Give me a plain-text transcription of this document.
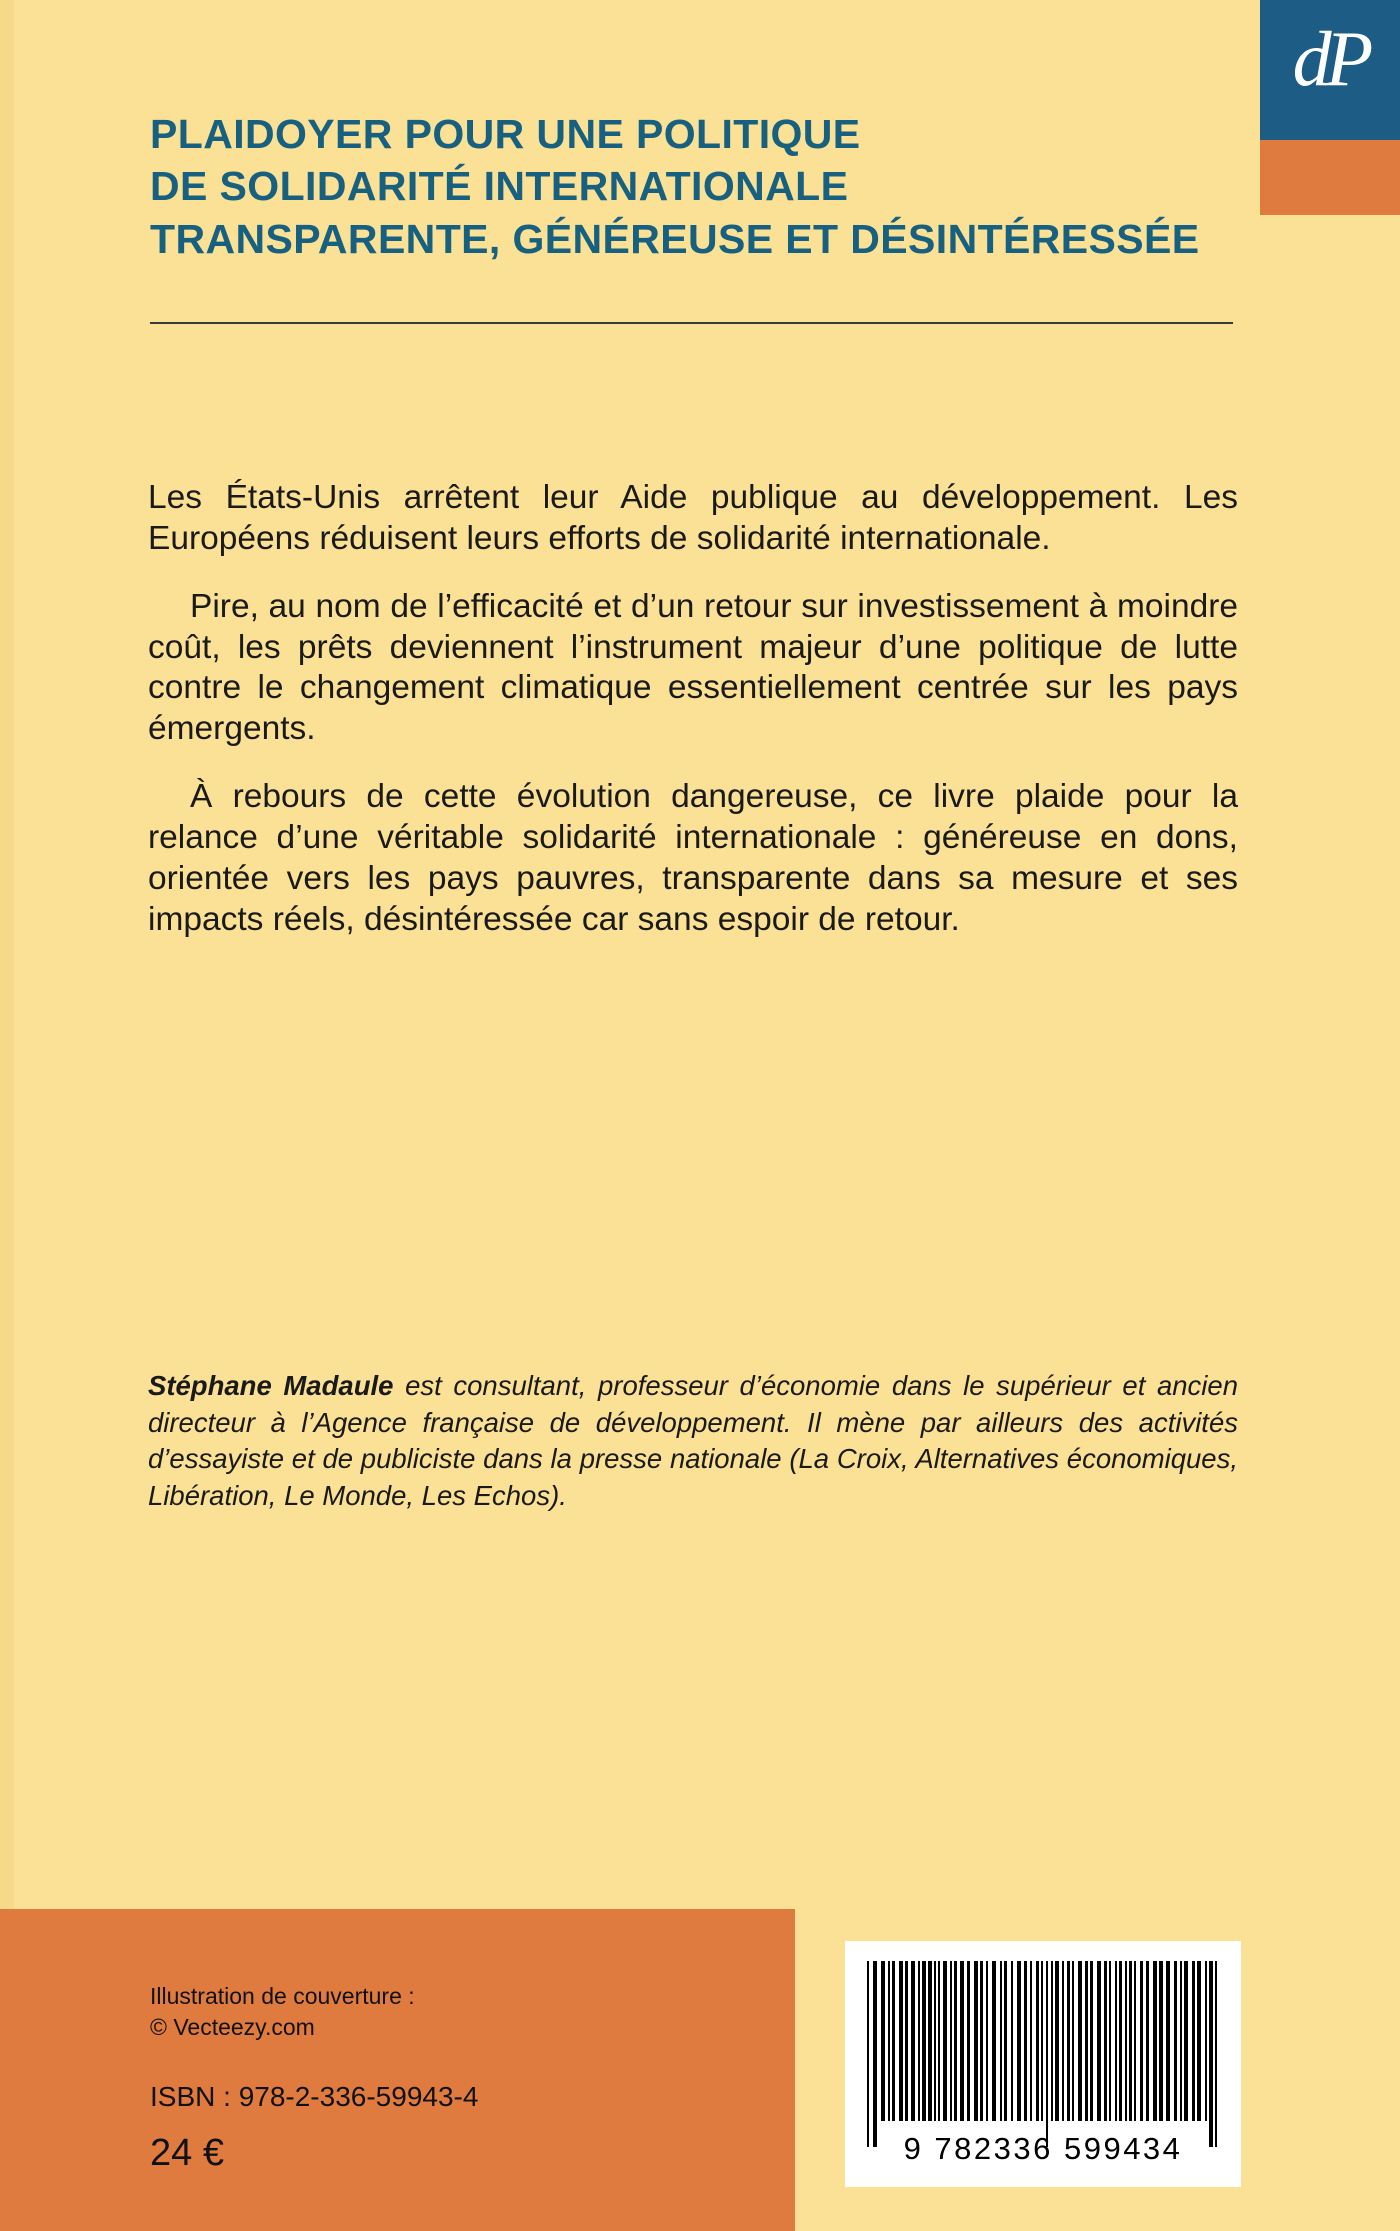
dP
PLAIDOYER POUR UNE POLITIQUE
DE SOLIDARITÉ INTERNATIONALE
TRANSPARENTE, GÉNÉREUSE ET DÉSINTÉRESSÉE

Les États-Unis arrêtent leur Aide publique au développement. Les Européens réduisent leurs efforts de solidarité internationale.

Pire, au nom de l’efficacité et d’un retour sur investissement à moindre coût, les prêts deviennent l’instrument majeur d’une politique de lutte contre le changement climatique essentiellement centrée sur les pays émergents.

À rebours de cette évolution dangereuse, ce livre plaide pour la relance d’une véritable solidarité internationale : généreuse en dons, orientée vers les pays pauvres, transparente dans sa mesure et ses impacts réels, désintéressée car sans espoir de retour.

Stéphane Madaule est consultant, professeur d’économie dans le supérieur et ancien directeur à l’Agence française de développement. Il mène par ailleurs des activités d’essayiste et de publiciste dans la presse nationale (La Croix, Alternatives économiques, Libération, Le Monde, Les Echos).
Illustration de couverture :
© Vecteezy.com
ISBN : 978-2-336-59943-4
24 €	9 782336 599434
